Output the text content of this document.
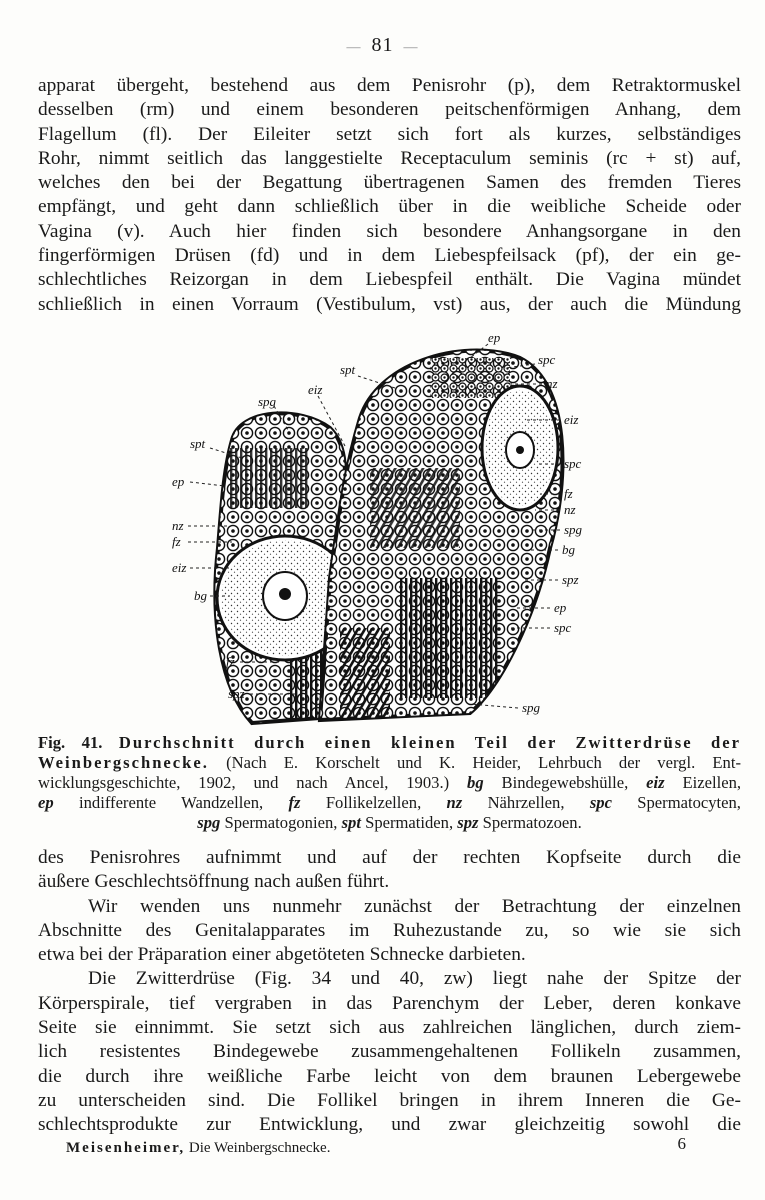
— 81 —
apparat übergeht, bestehend aus dem Penisrohr (p), dem Retraktormuskel
desselben (rm) und einem besonderen peitschenförmigen Anhang, dem
Flagellum (fl). Der Eileiter setzt sich fort als kurzes, selbständiges
Rohr, nimmt seitlich das langgestielte Receptaculum seminis (rc + st) auf,
welches den bei der Begattung übertragenen Samen des fremden Tieres
empfängt, und geht dann schließlich über in die weibliche Scheide oder
Vagina (v). Auch hier finden sich besondere Anhangsorgane in den
fingerförmigen Drüsen (fd) und in dem Liebespfeilsack (pf), der ein ge-
schlechtliches Reizorgan in dem Liebespfeil enthält. Die Vagina mündet
schließlich in einen Vorraum (Vestibulum, vst) aus, der auch die Mündung
ep
spt
spc
nz
eiz
spg
spt
ep
nz
fz
eiz
bg
fz
spz
eiz
spc
fz
nz
spg
bg
spz
ep
spc
spg
Fig. 41. Durchschnitt durch einen kleinen Teil der Zwitterdrüse der
Weinbergschnecke. (Nach E. Korschelt und K. Heider, Lehrbuch der vergl. Ent-
wicklungsgeschichte, 1902, und nach Ancel, 1903.) bg Bindegewebshülle, eiz Eizellen,
ep indifferente Wandzellen, fz Follikelzellen, nz Nährzellen, spc Spermatocyten,
spg Spermatogonien, spt Spermatiden, spz Spermatozoen.
des Penisrohres aufnimmt und auf der rechten Kopfseite durch die
äußere Geschlechtsöffnung nach außen führt.
Wir wenden uns nunmehr zunächst der Betrachtung der einzelnen
Abschnitte des Genitalapparates im Ruhezustande zu, so wie sie sich
etwa bei der Präparation einer abgetöteten Schnecke darbieten.
Die Zwitterdrüse (Fig. 34 und 40, zw) liegt nahe der Spitze der
Körperspirale, tief vergraben in das Parenchym der Leber, deren konkave
Seite sie einnimmt. Sie setzt sich aus zahlreichen länglichen, durch ziem-
lich resistentes Bindegewebe zusammengehaltenen Follikeln zusammen,
die durch ihre weißliche Farbe leicht von dem braunen Lebergewebe
zu unterscheiden sind. Die Follikel bringen in ihrem Inneren die Ge-
schlechtsprodukte zur Entwicklung, und zwar gleichzeitig sowohl die
Meisenheimer, Die Weinbergschnecke.	6
